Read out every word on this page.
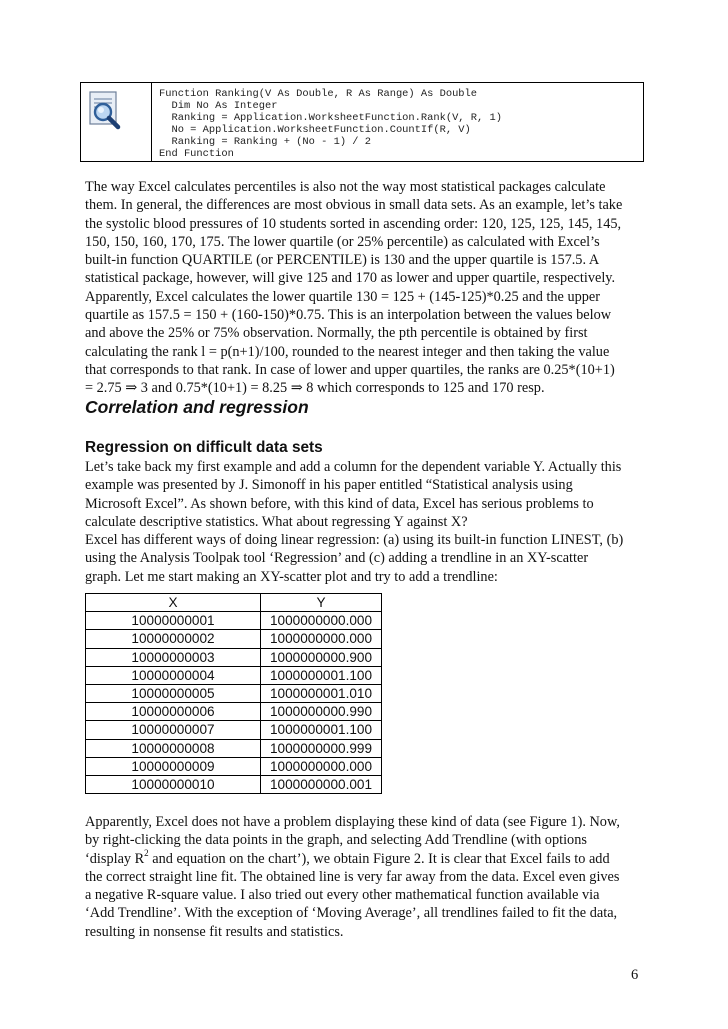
Function Ranking(V As Double, R As Range) As Double
Dim No As Integer
Ranking = Application.WorksheetFunction.Rank(V, R, 1)
No = Application.WorksheetFunction.CountIf(R, V)
Ranking = Ranking + (No - 1) / 2
End Function
The way Excel calculates percentiles is also not the way most statistical packages calculate
them. In general, the differences are most obvious in small data sets. As an example, let’s take
the systolic blood pressures of 10 students sorted in ascending order: 120, 125, 125, 145, 145,
150, 150, 160, 170, 175. The lower quartile (or 25% percentile) as calculated with Excel’s
built-in function QUARTILE (or PERCENTILE) is 130 and the upper quartile is 157.5. A
statistical package, however, will give 125 and 170 as lower and upper quartile, respectively.
Apparently, Excel calculates the lower quartile 130 = 125 + (145-125)*0.25 and the upper
quartile as 157.5 = 150 + (160-150)*0.75. This is an interpolation between the values below
and above the 25% or 75% observation. Normally, the pth percentile is obtained by first
calculating the rank l = p(n+1)/100, rounded to the nearest integer and then taking the value
that corresponds to that rank. In case of lower and upper quartiles, the ranks are 0.25*(10+1)
= 2.75 ⇒ 3 and 0.75*(10+1) = 8.25 ⇒ 8 which corresponds to 125 and 170 resp.
Correlation and regression
Regression on difficult data sets
Let’s take back my first example and add a column for the dependent variable Y. Actually this
example was presented by J. Simonoff in his paper entitled “Statistical analysis using
Microsoft Excel”. As shown before, with this kind of data, Excel has serious problems to
calculate descriptive statistics. What about regressing Y against X?
Excel has different ways of doing linear regression: (a) using its built-in function LINEST, (b)
using the Analysis Toolpak tool ‘Regression’ and (c) adding a trendline in an XY-scatter
graph. Let me start making an XY-scatter plot and try to add a trendline:
X	Y
10000000001	1000000000.000
10000000002	1000000000.000
10000000003	1000000000.900
10000000004	1000000001.100
10000000005	1000000001.010
10000000006	1000000000.990
10000000007	1000000001.100
10000000008	1000000000.999
10000000009	1000000000.000
10000000010	1000000000.001
Apparently, Excel does not have a problem displaying these kind of data (see Figure 1). Now,
by right-clicking the data points in the graph, and selecting Add Trendline (with options
‘display $R^2$ and equation on the chart’), we obtain Figure 2. It is clear that Excel fails to add
the correct straight line fit. The obtained line is very far away from the data. Excel even gives
a negative R-square value. I also tried out every other mathematical function available via
‘Add Trendline’. With the exception of ‘Moving Average’, all trendlines failed to fit the data,
resulting in nonsense fit results and statistics.

6
